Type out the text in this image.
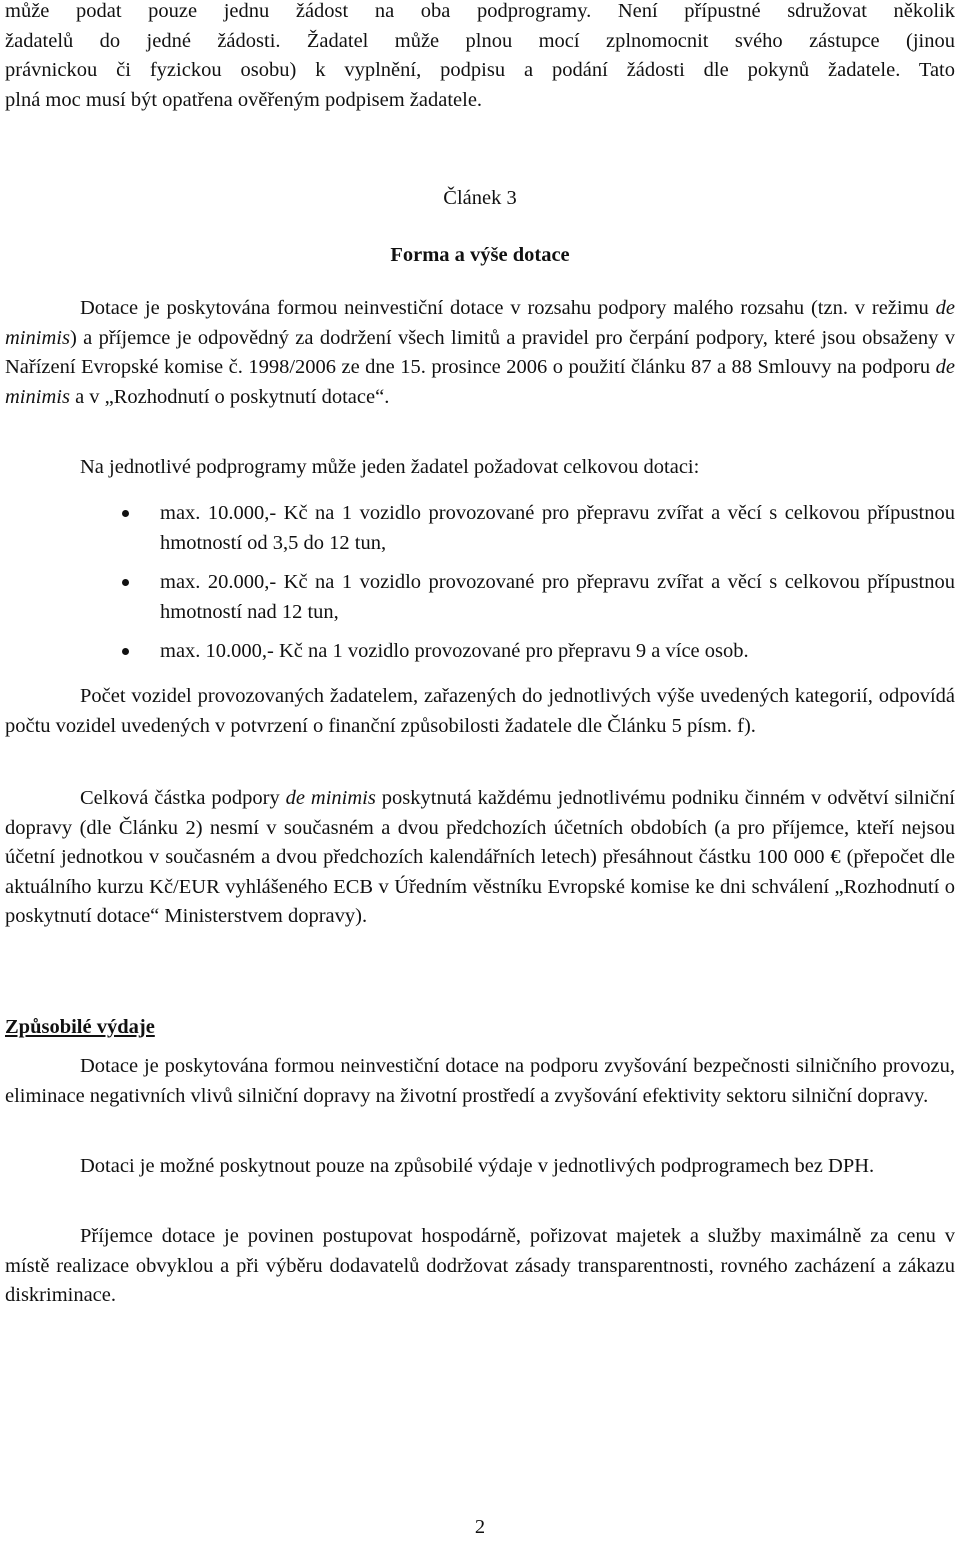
může podat pouze jednu žádost na oba podprogramy. Není přípustné sdružovat několik

žadatelů do jedné žádosti. Žadatel může plnou mocí zplnomocnit svého zástupce (jinou

právnickou či fyzickou osobu) k vyplnění, podpisu a podání žádosti dle pokynů žadatele. Tato

plná moc musí být opatřena ověřeným podpisem žadatele.

Článek 3
Forma a výše dotace

Dotace je poskytována formou neinvestiční dotace v rozsahu podpory malého rozsahu (tzn. v režimu de minimis) a příjemce je odpovědný za dodržení všech limitů a pravidel pro čerpání podpory, které jsou obsaženy v Nařízení Evropské komise č. 1998/2006 ze dne 15. prosince 2006 o použití článku 87 a 88 Smlouvy na podporu de minimis a v „Rozhodnutí o poskytnutí dotace“.

Na jednotlivé podprogramy může jeden žadatel požadovat celkovou dotaci:

max. 10.000,- Kč na 1 vozidlo provozované pro přepravu zvířat a věcí s celkovou přípustnou hmotností od 3,5 do 12 tun,
max. 20.000,- Kč na 1 vozidlo provozované pro přepravu zvířat a věcí s celkovou přípustnou hmotností nad 12 tun,
max. 10.000,- Kč na 1 vozidlo provozované pro přepravu 9 a více osob.

Počet vozidel provozovaných žadatelem, zařazených do jednotlivých výše uvedených kategorií, odpovídá počtu vozidel uvedených v potvrzení o finanční způsobilosti žadatele dle Článku 5 písm. f).

Celková částka podpory de minimis poskytnutá každému jednotlivému podniku činném v odvětví silniční dopravy (dle Článku 2) nesmí v současném a dvou předchozích účetních obdobích (a pro příjemce, kteří nejsou účetní jednotkou v současném a dvou předchozích kalendářních letech) přesáhnout částku 100 000 € (přepočet dle aktuálního kurzu Kč/EUR vyhlášeného ECB v Úředním věstníku Evropské komise ke dni schválení „Rozhodnutí o poskytnutí dotace“ Ministerstvem dopravy).

Způsobilé výdaje

Dotace je poskytována formou neinvestiční dotace na podporu zvyšování bezpečnosti silničního provozu, eliminace negativních vlivů silniční dopravy na životní prostředí a zvyšování efektivity sektoru silniční dopravy.

Dotaci je možné poskytnout pouze na způsobilé výdaje v jednotlivých podprogramech bez DPH.

Příjemce dotace je povinen postupovat hospodárně, pořizovat majetek a služby maximálně za cenu v místě realizace obvyklou a při výběru dodavatelů dodržovat zásady transparentnosti, rovného zacházení a zákazu diskriminace.

2
